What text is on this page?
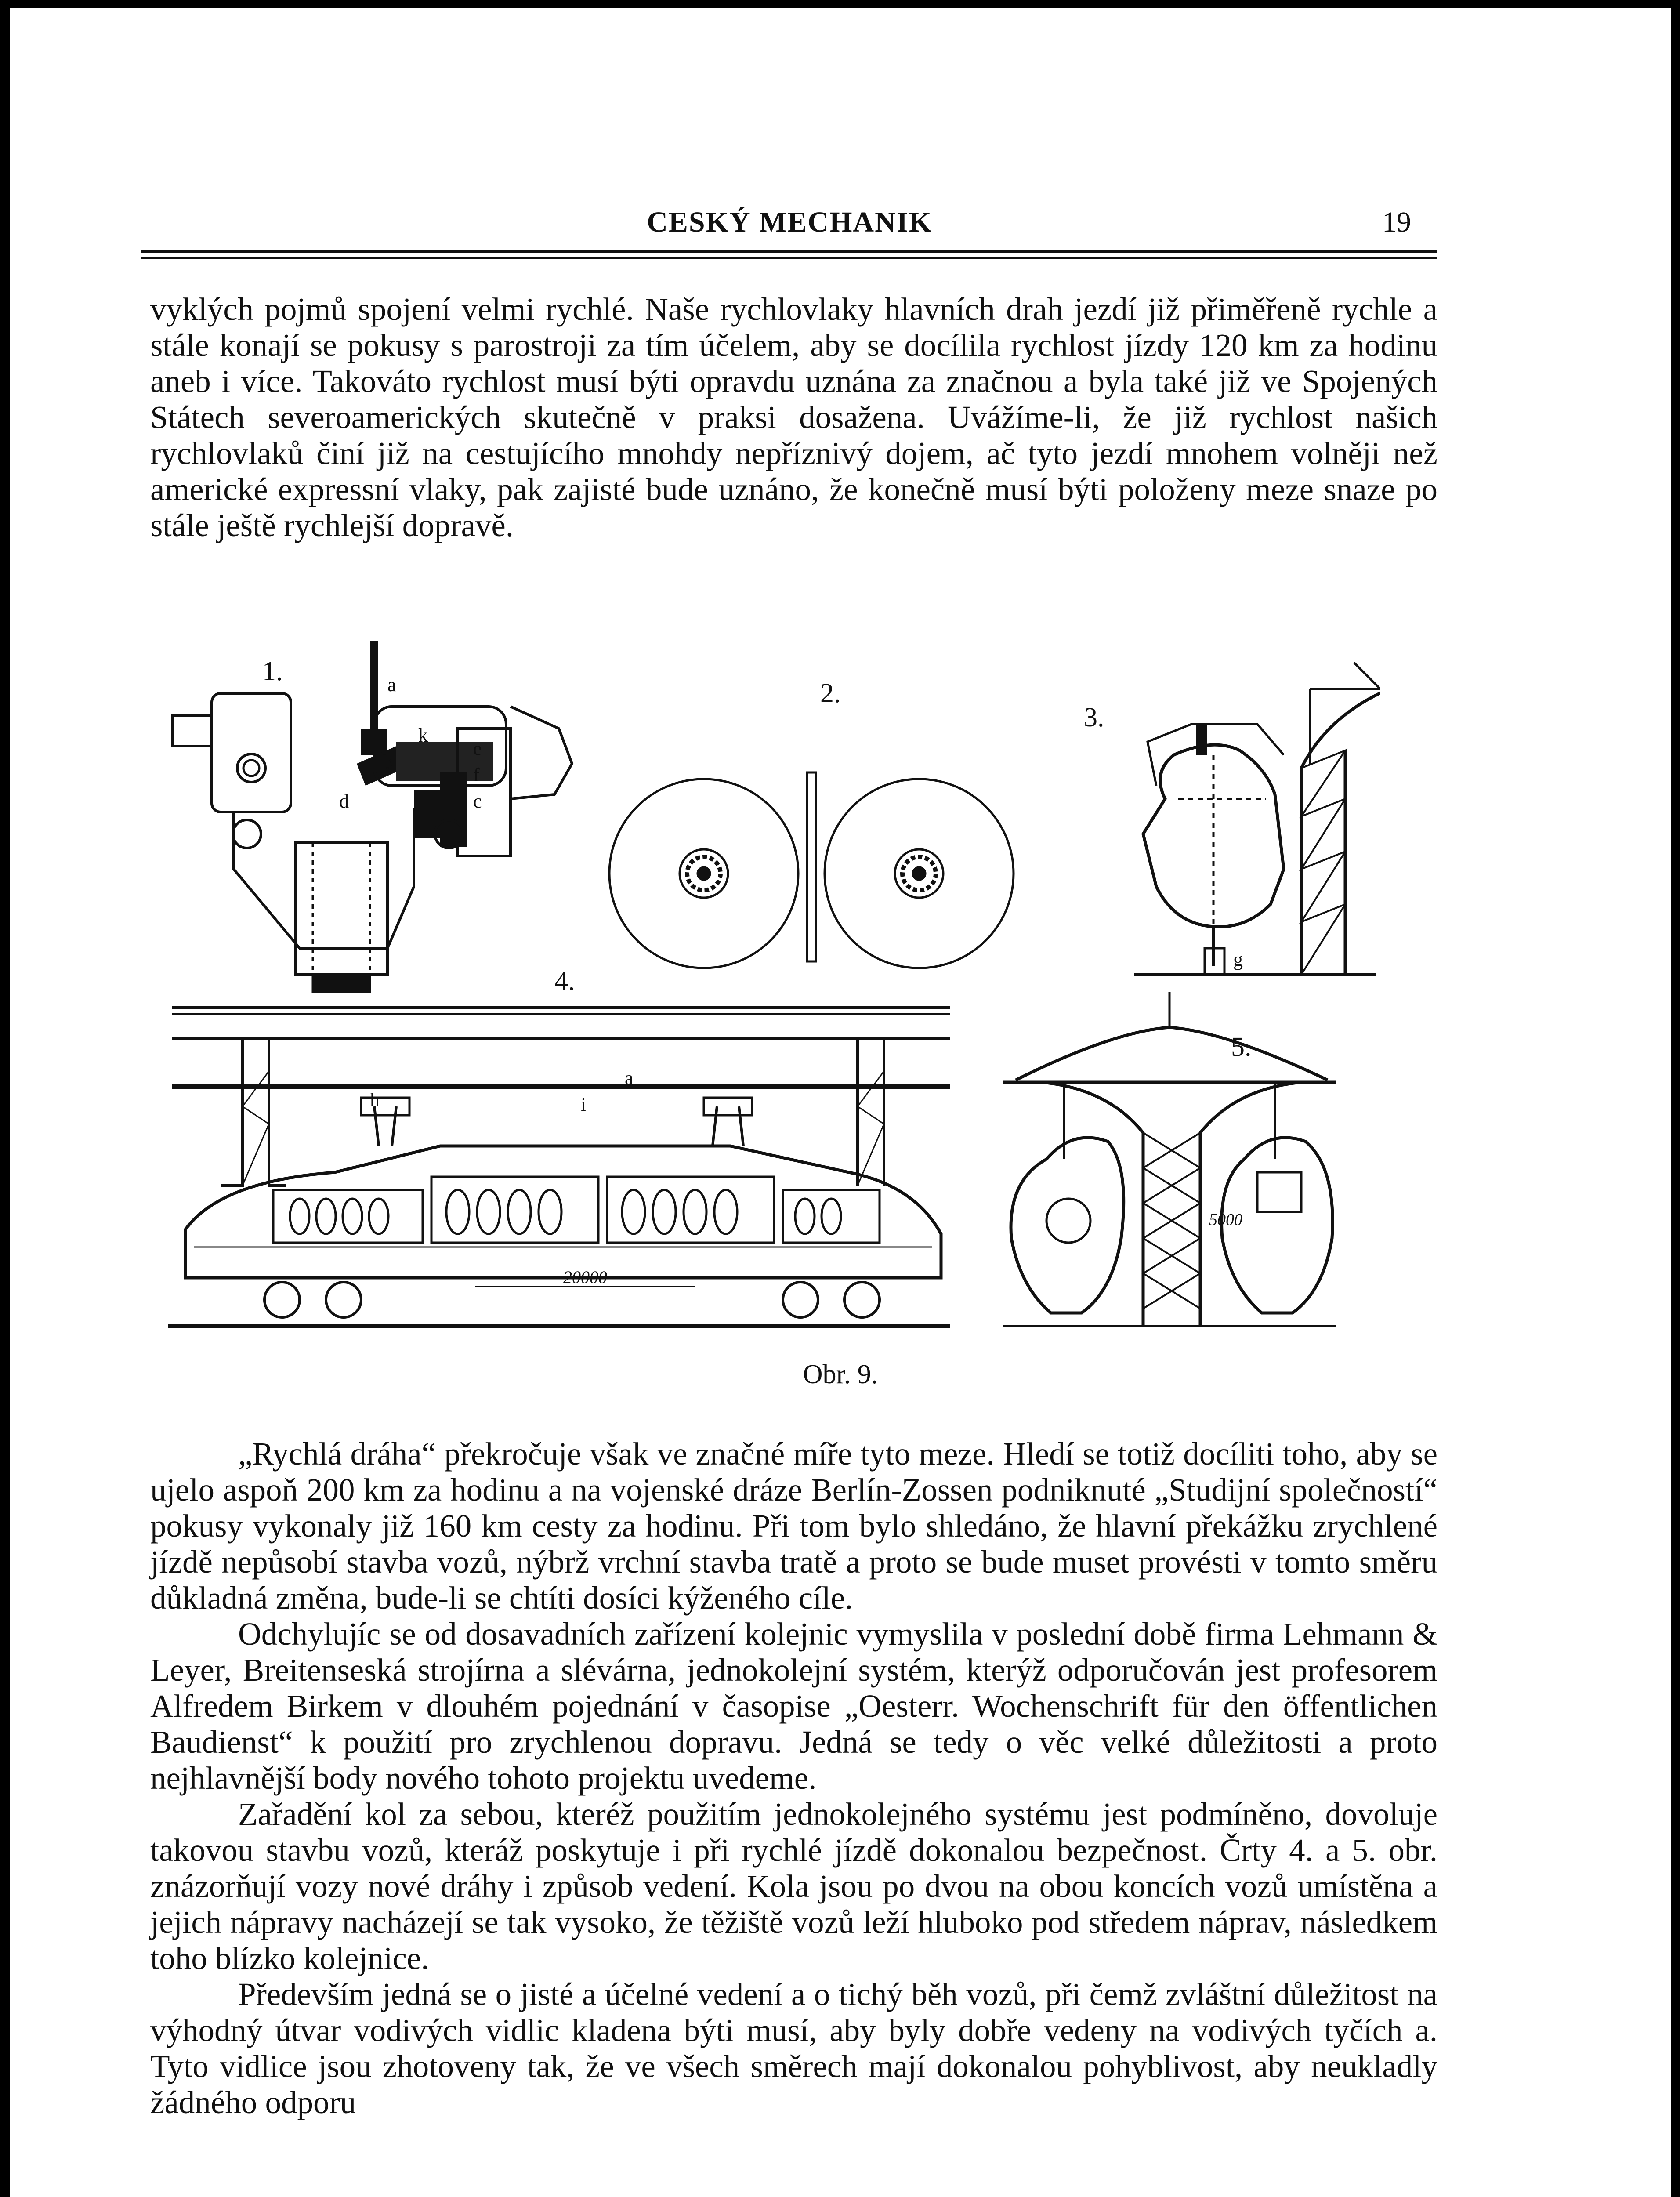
CESKÝ MECHANIK	19

vyklých pojmů spojení velmi rychlé. Naše rychlovlaky hlavních drah jezdí již přiměřeně rychle a stále konají se pokusy s parostroji za tím účelem, aby se docílila rychlost jízdy 120 km za hodinu aneb i více. Takováto rychlost musí býti opravdu uznána za značnou a byla také již ve Spojených Státech severoamerických skutečně v praksi dosažena. Uvážíme-li, že již rychlost našich rychlovlaků činí již na cestujícího mnohdy nepříznivý dojem, ač tyto jezdí mnohem volněji než americké expressní vlaky, pak zajisté bude uznáno, že konečně musí býti položeny meze snaze po stále ještě rychlejší dopravě.

1.	a
b
d
k
e
f
c
2.
3.
g
4.
a
h	i
20000
5.
5000
Obr. 9.

„Rychlá dráha“ překročuje však ve značné míře tyto meze. Hledí se totiž docíliti toho, aby se ujelo aspoň 200 km za hodinu a na vojenské dráze Berlín-Zossen podniknuté „Studijní společností“ pokusy vykonaly již 160 km cesty za hodinu. Při tom bylo shledáno, že hlavní překážku zrychlené jízdě nepůsobí stavba vozů, nýbrž vrchní stavba tratě a proto se bude muset provésti v tomto směru důkladná změna, bude-li se chtíti dosíci kýženého cíle.

Odchylujíc se od dosavadních zařízení kolejnic vymyslila v poslední době firma Lehmann & Leyer, Breitenseská strojírna a slévárna, jednokolejní systém, kterýž odporučován jest profesorem Alfredem Birkem v dlouhém pojednání v časopise „Oesterr. Wochenschrift für den öffentlichen Baudienst“ k použití pro zrychlenou dopravu. Jedná se tedy o věc velké důležitosti a proto nejhlavnější body nového tohoto projektu uvedeme.

Zařadění kol za sebou, kteréž použitím jednokolejného systému jest podmíněno, dovoluje takovou stavbu vozů, kteráž poskytuje i při rychlé jízdě dokonalou bezpečnost. Črty 4. a 5. obr. znázorňují vozy nové dráhy i způsob vedení. Kola jsou po dvou na obou koncích vozů umístěna a jejich nápravy nacházejí se tak vysoko, že těžiště vozů leží hluboko pod středem náprav, následkem toho blízko kolejnice.

Především jedná se o jisté a účelné vedení a o tichý běh vozů, při čemž zvláštní důležitost na výhodný útvar vodivých vidlic kladena býti musí, aby byly dobře vedeny na vodivých tyčích a. Tyto vidlice jsou zhotoveny tak, že ve všech směrech mají dokonalou pohyblivost, aby neukladly žádného odporu
